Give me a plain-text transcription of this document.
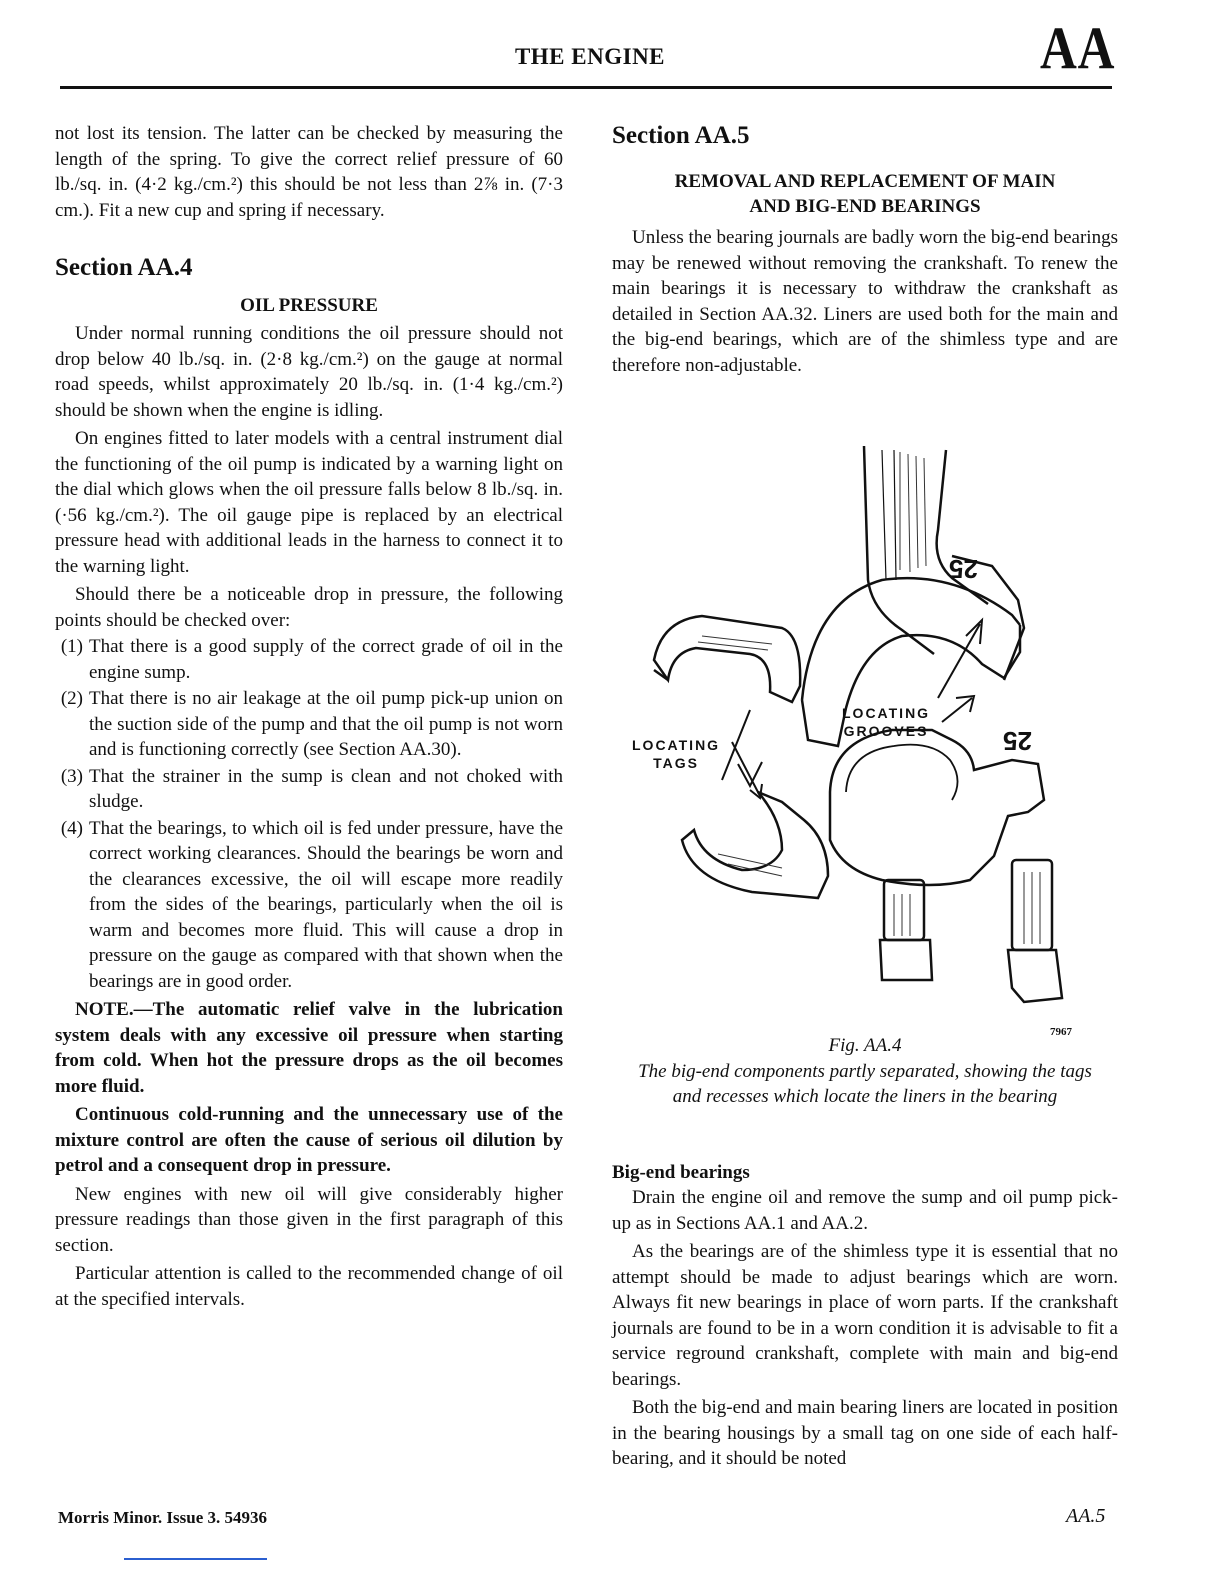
THE ENGINE	AA

not lost its tension. The latter can be checked by measuring the length of the spring. To give the correct relief pressure of 60 lb./sq. in. (4·2 kg./cm.²) this should be not less than 2⅞ in. (7·3 cm.). Fit a new cup and spring if necessary.

Section AA.4

OIL PRESSURE

Under normal running conditions the oil pressure should not drop below 40 lb./sq. in. (2·8 kg./cm.²) on the gauge at normal road speeds, whilst approximately 20 lb./sq. in. (1·4 kg./cm.²) should be shown when the engine is idling.

On engines fitted to later models with a central instrument dial the functioning of the oil pump is indicated by a warning light on the dial which glows when the oil pressure falls below 8 lb./sq. in. (·56 kg./cm.²). The oil gauge pipe is replaced by an electrical pressure head with additional leads in the harness to connect it to the warning light.

Should there be a noticeable drop in pressure, the following points should be checked over:

(1) That there is a good supply of the correct grade of oil in the engine sump.
(2) That there is no air leakage at the oil pump pick-up union on the suction side of the pump and that the oil pump is not worn and is functioning correctly (see Section AA.30).
(3) That the strainer in the sump is clean and not choked with sludge.
(4) That the bearings, to which oil is fed under pressure, have the correct working clearances. Should the bearings be worn and the clearances excessive, the oil will escape more readily from the sides of the bearings, particularly when the oil is warm and becomes more fluid. This will cause a drop in pressure on the gauge as compared with that shown when the bearings are in good order.

NOTE.—The automatic relief valve in the lubrication system deals with any excessive oil pressure when starting from cold. When hot the pressure drops as the oil becomes more fluid.

Continuous cold-running and the unnecessary use of the mixture control are often the cause of serious oil dilution by petrol and a consequent drop in pressure.

New engines with new oil will give considerably higher pressure readings than those given in the first paragraph of this section.

Particular attention is called to the recommended change of oil at the specified intervals.

Section AA.5

REMOVAL AND REPLACEMENT OF MAIN
AND BIG-END BEARINGS

Unless the bearing journals are badly worn the big-end bearings may be renewed without removing the crankshaft. To renew the main bearings it is necessary to withdraw the crankshaft as detailed in Section AA.32. Liners are used both for the main and the big-end bearings, which are of the shimless type and are therefore non-adjustable.

Fig. AA.4

The big-end components partly separated, showing the tags and recesses which locate the liners in the bearing

Big-end bearings

Drain the engine oil and remove the sump and oil pump pick-up as in Sections AA.1 and AA.2.

As the bearings are of the shimless type it is essential that no attempt should be made to adjust bearings which are worn. Always fit new bearings in place of worn parts. If the crankshaft journals are found to be in a worn condition it is advisable to fit a service reground crankshaft, complete with main and big-end bearings.

Both the big-end and main bearing liners are located in position in the bearing housings by a small tag on one side of each half-bearing, and it should be noted

25
25
LOCATING
GROOVES
LOCATING
TAGS
7967
Morris Minor. Issue 3. 54936	AA.5
